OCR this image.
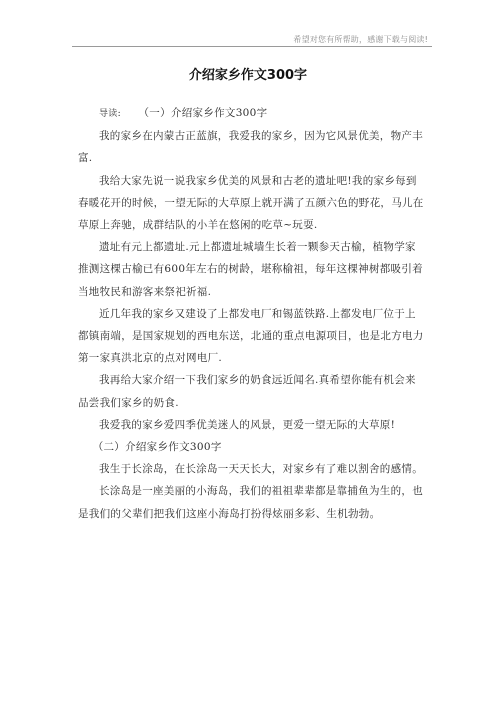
希望对您有所帮助，感谢下载与阅读!
介绍家乡作文300字

导读: （一）介绍家乡作文300字

我的家乡在内蒙古正蓝旗，我爱我的家乡，因为它风景优美，物产丰富.

我给大家先说一说我家乡优美的风景和古老的遗址吧!我的家乡每到春暖花开的时候，一望无际的大草原上就开满了五颜六色的野花，马儿在草原上奔驰，成群结队的小羊在悠闲的吃草~玩耍.

遗址有元上都遗址.元上都遗址城墙生长着一颗参天古榆，植物学家推测这棵古榆已有600年左右的树龄，堪称榆祖，每年这棵神树都吸引着当地牧民和游客来祭祀祈福.

近几年我的家乡又建设了上都发电厂和锡蓝铁路.上都发电厂位于上都镇南端，是国家规划的西电东送，北通的重点电源项目，也是北方电力第一家真洪北京的点对网电厂.

我再给大家介绍一下我们家乡的奶食远近闻名.真希望你能有机会来品尝我们家乡的奶食.

我爱我的家乡爱四季优美迷人的风景，更爱一望无际的大草原!

（二）介绍家乡作文300字

我生于长涂岛，在长涂岛一天天长大，对家乡有了难以割舍的感情。

长涂岛是一座美丽的小海岛，我们的祖祖辈辈都是靠捕鱼为生的，也是我们的父辈们把我们这座小海岛打扮得炫丽多彩、生机勃勃。
